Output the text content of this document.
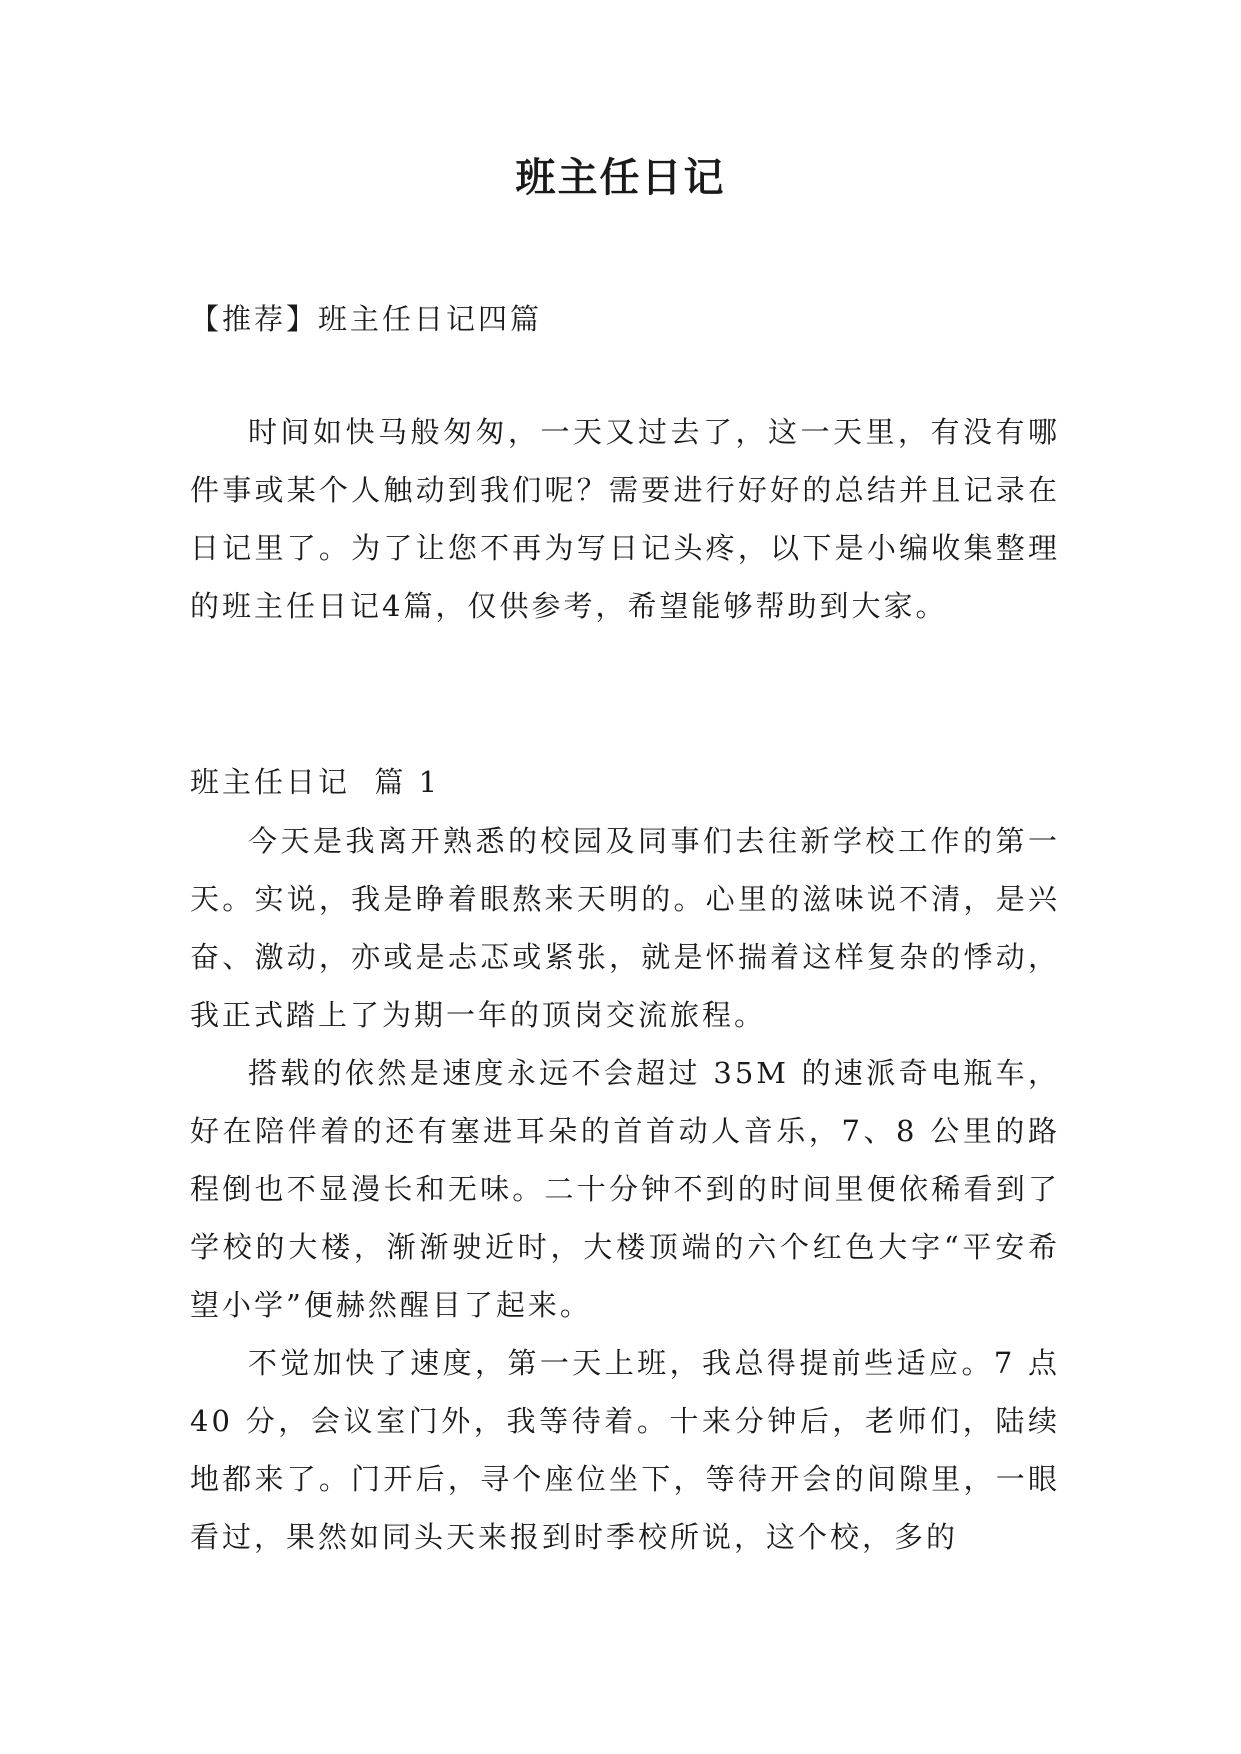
班主任日记

【推荐】班主任日记四篇

时间如快马般匆匆，一天又过去了，这一天里，有没有哪件事或某个人触动到我们呢？需要进行好好的总结并且记录在日记里了。为了让您不再为写日记头疼，以下是小编收集整理的班主任日记4篇，仅供参考，希望能够帮助到大家。

班主任日记  篇 1

今天是我离开熟悉的校园及同事们去往新学校工作的第一天。实说，我是睁着眼熬来天明的。心里的滋味说不清，是兴奋、激动，亦或是忐忑或紧张，就是怀揣着这样复杂的悸动，我正式踏上了为期一年的顶岗交流旅程。

搭载的依然是速度永远不会超过 35M 的速派奇电瓶车，好在陪伴着的还有塞进耳朵的首首动人音乐，7、8 公里的路程倒也不显漫长和无味。二十分钟不到的时间里便依稀看到了学校的大楼，渐渐驶近时，大楼顶端的六个红色大字“平安希望小学”便赫然醒目了起来。

不觉加快了速度，第一天上班，我总得提前些适应。7 点 40 分，会议室门外，我等待着。十来分钟后，老师们，陆续地都来了。门开后，寻个座位坐下，等待开会的间隙里，一眼看过，果然如同头天来报到时季校所说，这个校，多的
